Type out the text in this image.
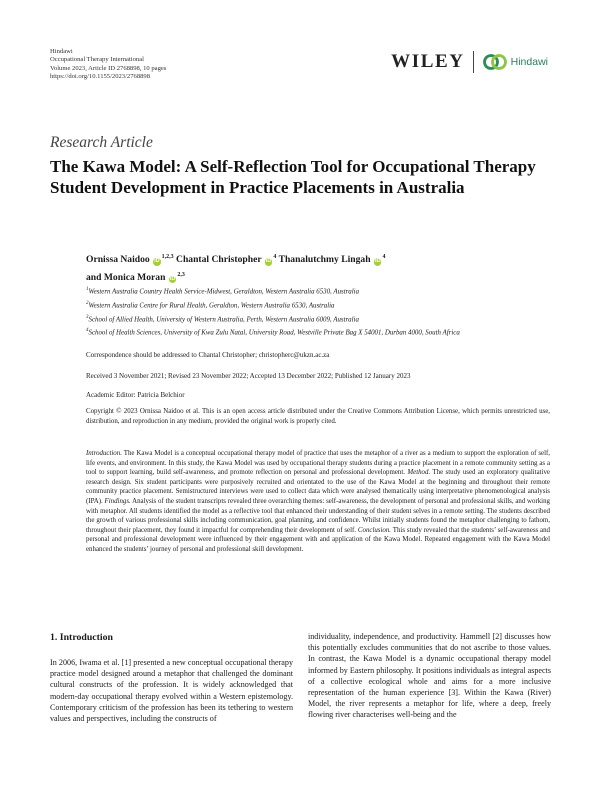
Hindawi
Occupational Therapy International
Volume 2023, Article ID 2768898, 10 pages
https://doi.org/10.1155/2023/2768898
WILEY	Hindawi
Research Article
The Kawa Model: A Self-Reflection Tool for Occupational Therapy Student Development in Practice Placements in Australia
Ornissa Naidoo iD$^{1,2,3}$ Chantal Christopher $iD^4$ Thanalutchmy Lingah $iD^4$
and Monica Moran iD$^{2,3}$

$^1$Western Australia Country Health Service-Midwest, Geraldton, Western Australia 6530, Australia

$^2$Western Australia Centre for Rural Health, Geraldton, Western Australia 6530, Australia

$^3$School of Allied Health, University of Western Australia, Perth, Western Australia 6009, Australia

$^4$School of Health Sciences, University of Kwa Zulu Natal, University Road, Westville Private Bag X 54001, Durban 4000, South Africa

Correspondence should be addressed to Chantal Christopher; christopherc@ukzn.ac.za
Received 3 November 2021; Revised 23 November 2022; Accepted 13 December 2022; Published 12 January 2023
Academic Editor: Patricia Belchior
Copyright © 2023 Ornissa Naidoo et al. This is an open access article distributed under the Creative Commons Attribution License, which permits unrestricted use, distribution, and reproduction in any medium, provided the original work is properly cited.

Introduction. The Kawa Model is a conceptual occupational therapy model of practice that uses the metaphor of a river as a medium to support the exploration of self, life events, and environment. In this study, the Kawa Model was used by occupational therapy students during a practice placement in a remote community setting as a tool to support learning, build self-awareness, and promote reflection on personal and professional development. Method. The study used an exploratory qualitative research design. Six student participants were purposively recruited and orientated to the use of the Kawa Model at the beginning and throughout their remote community practice placement. Semistructured interviews were used to collect data which were analysed thematically using interpretative phenomenological analysis (IPA). Findings. Analysis of the student transcripts revealed three overarching themes: self-awareness, the development of personal and professional skills, and working with metaphor. All students identified the model as a reflective tool that enhanced their understanding of their student selves in a remote setting. The students described the growth of various professional skills including communication, goal planning, and confidence. Whilst initially students found the metaphor challenging to fathom, throughout their placement, they found it impactful for comprehending their development of self. Conclusion. This study revealed that the students’ self-awareness and personal and professional development were influenced by their engagement with and application of the Kawa Model. Repeated engagement with the Kawa Model enhanced the students’ journey of personal and professional skill development.

1. Introduction

In 2006, Iwama et al. [1] presented a new conceptual occupational therapy practice model designed around a metaphor that challenged the dominant cultural constructs of the profession. It is widely acknowledged that modern-day occupational therapy evolved within a Western epistemology. Contemporary criticism of the profession has been its tethering to western values and perspectives, including the constructs of

individuality, independence, and productivity. Hammell [2] discusses how this potentially excludes communities that do not ascribe to those values. In contrast, the Kawa Model is a dynamic occupational therapy model informed by Eastern philosophy. It positions individuals as integral aspects of a collective ecological whole and aims for a more inclusive representation of the human experience [3]. Within the Kawa (River) Model, the river represents a metaphor for life, where a deep, freely flowing river characterises well-being and the
